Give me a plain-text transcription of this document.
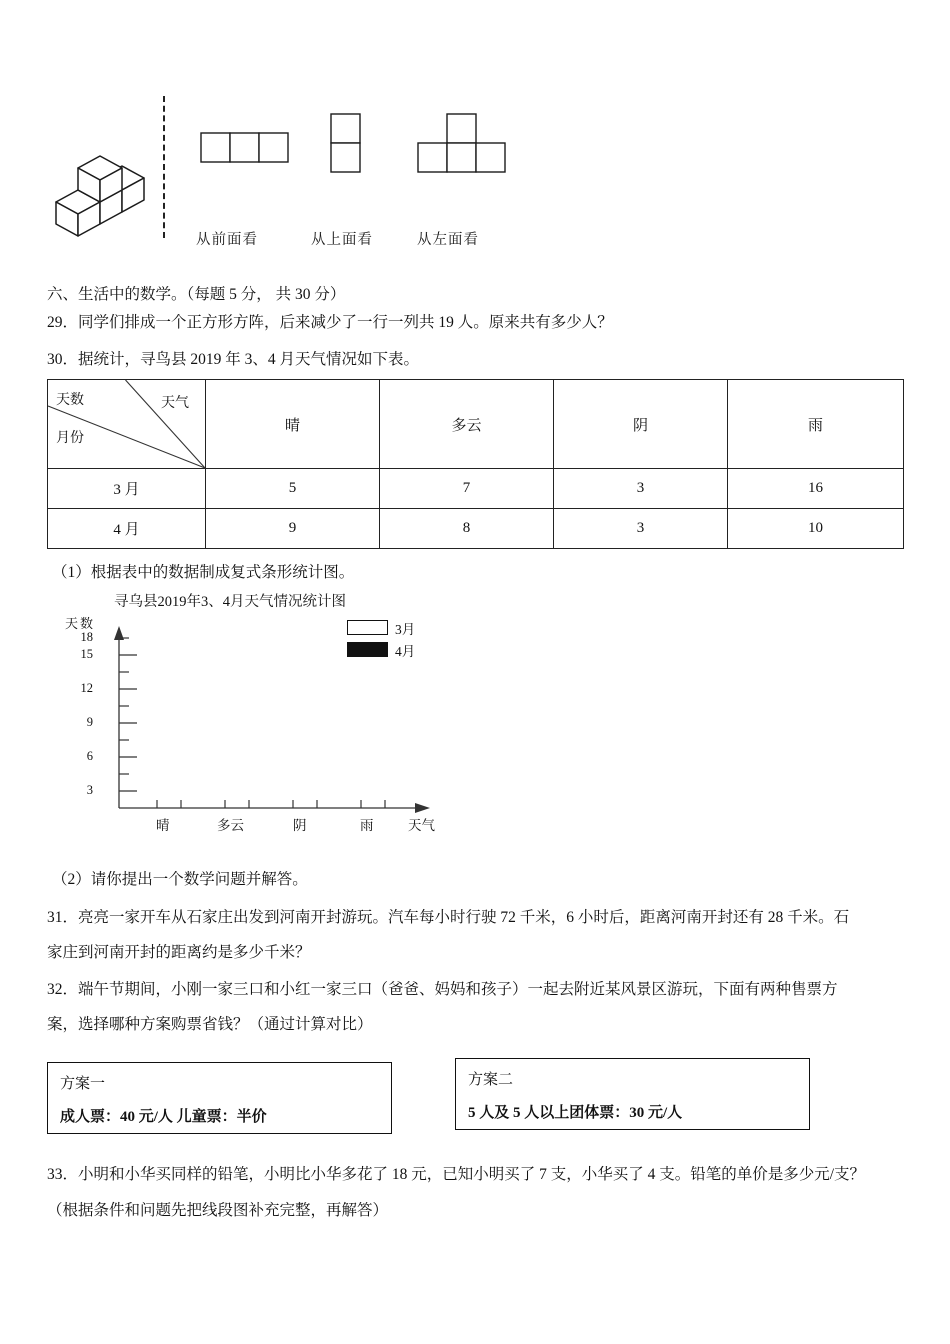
从前面看	从上面看	从左面看
六、生活中的数学。（每题 5 分， 共 30 分）
29．同学们排成一个正方形方阵，后来减少了一行一列共 19 人。原来共有多少人？
30．据统计，寻鸟县 2019 年 3、4 月天气情况如下表。
天数 天气
月份	晴	多云	阴	雨
3 月	5	7	3	16
4 月	9	8	3	10
（1）根据表中的数据制成复式条形统计图。
寻乌县2019年3、4月天气情况统计图
天数	3月
4月
3
6
9
12
15
18
晴	多云	阴	雨	天气
（2）请你提出一个数学问题并解答。
31．亮亮一家开车从石家庄出发到河南开封游玩。汽车每小时行驶 72 千米，6 小时后，距离河南开封还有 28 千米。石
家庄到河南开封的距离约是多少千米？
32．端午节期间，小刚一家三口和小红一家三口（爸爸、妈妈和孩子）一起去附近某风景区游玩，下面有两种售票方
案，选择哪种方案购票省钱？（通过计算对比）
方案一
成人票：40 元/人 儿童票：半价
方案二
5 人及 5 人以上团体票：30 元/人
33．小明和小华买同样的铅笔，小明比小华多花了 18 元，已知小明买了 7 支，小华买了 4 支。铅笔的单价是多少元/支？
（根据条件和问题先把线段图补充完整，再解答）
